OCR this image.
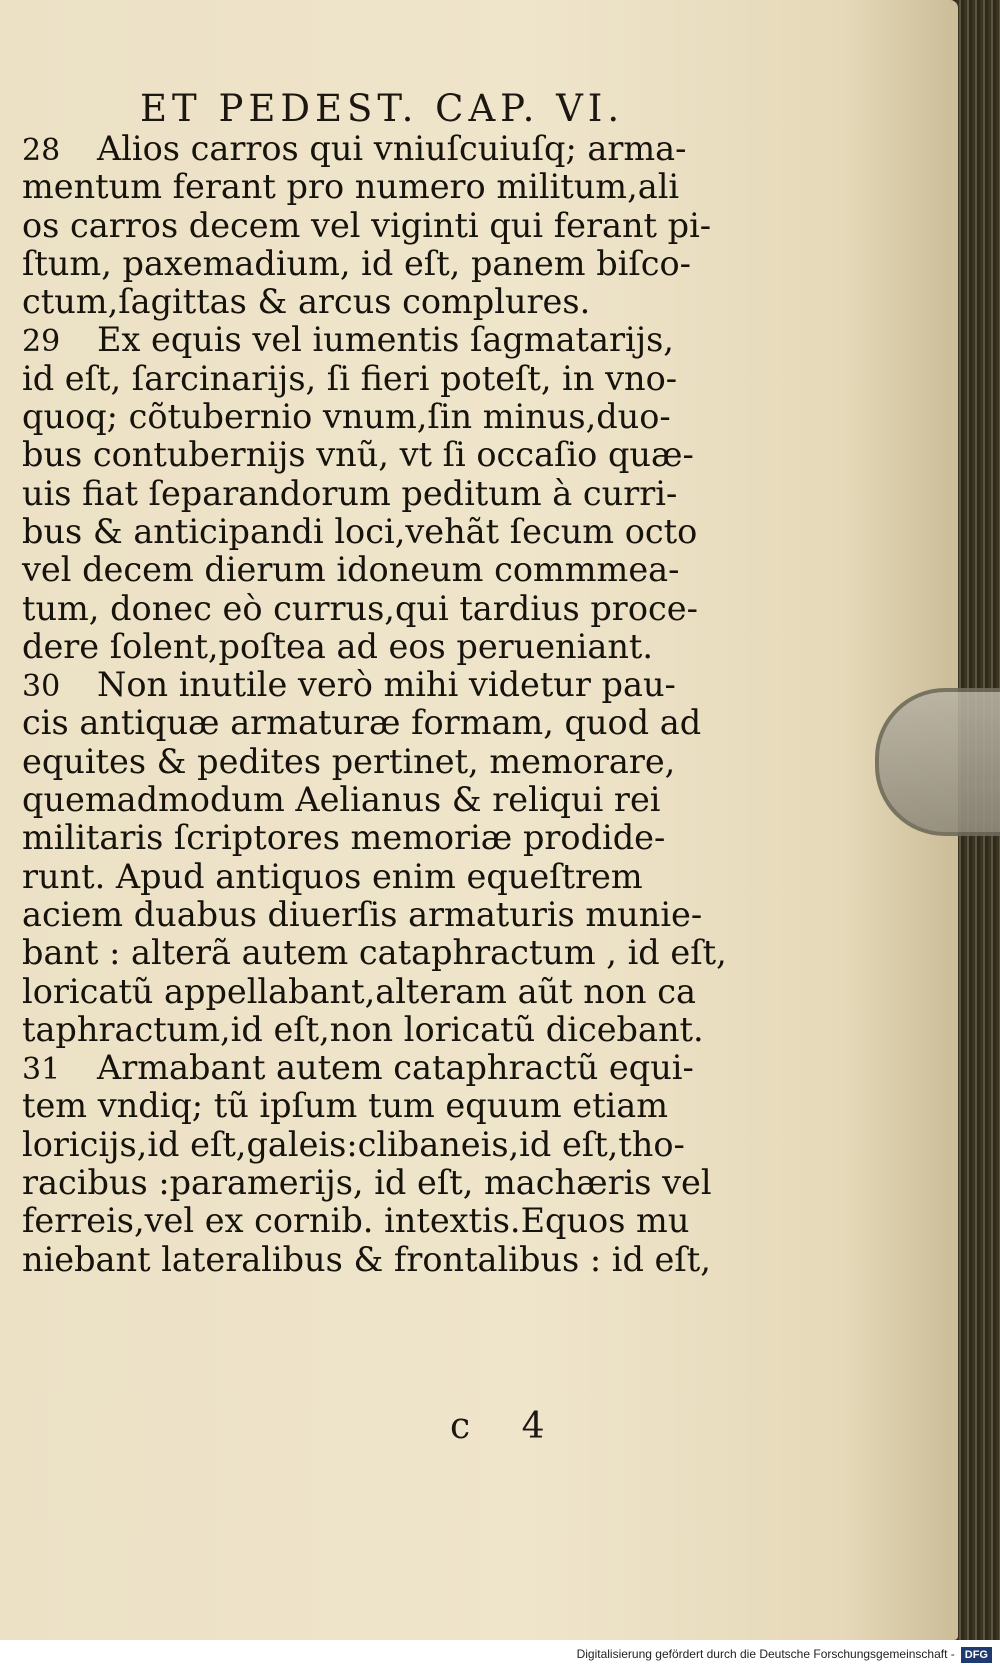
ET PEDEST. CAP. VI.
28 Alios carros qui vniuſcuiuſq; arma-
mentum ferant pro numero militum,ali
os carros decem vel viginti qui ferant pi-
ſtum, paxemadium, id eſt, panem biſco-
ctum,ſagittas & arcus complures.
29 Ex equis vel iumentis ſagmatarijs,
id eſt, ſarcinarijs, ſi fieri poteſt, in vno-
quoq; cõtubernio vnum,ſin minus,duo-
bus contubernijs vnũ, vt ſi occaſio quæ-
uis fiat ſeparandorum peditum à curri-
bus & anticipandi loci,vehãt ſecum octo
vel decem dierum idoneum commmea-
tum, donec eò currus,qui tardius proce-
dere ſolent,poſtea ad eos perueniant.
30 Non inutile verò mihi videtur pau-
cis antiquæ armaturæ formam, quod ad
equites & pedites pertinet, memorare,
quemadmodum Aelianus & reliqui rei
militaris ſcriptores memoriæ prodide-
runt. Apud antiquos enim equeſtrem
aciem duabus diuerſis armaturis munie-
bant : alterã autem cataphractum , id eſt,
loricatũ appellabant,alteram aũt non ca
taphractum,id eſt,non loricatũ dicebant.
31 Armabant autem cataphractũ equi-
tem vndiq; tũ ipſum tum equum etiam
loricijs,id eſt,galeis:clibaneis,id eſt,tho-
racibus :paramerijs, id eſt, machæris vel
ferreis,vel ex cornib. intextis.Equos mu
niebant lateralibus & frontalibus : id eſt,
c 4
Digitalisierung gefördert durch die Deutsche Forschungsgemeinschaft - DFG
